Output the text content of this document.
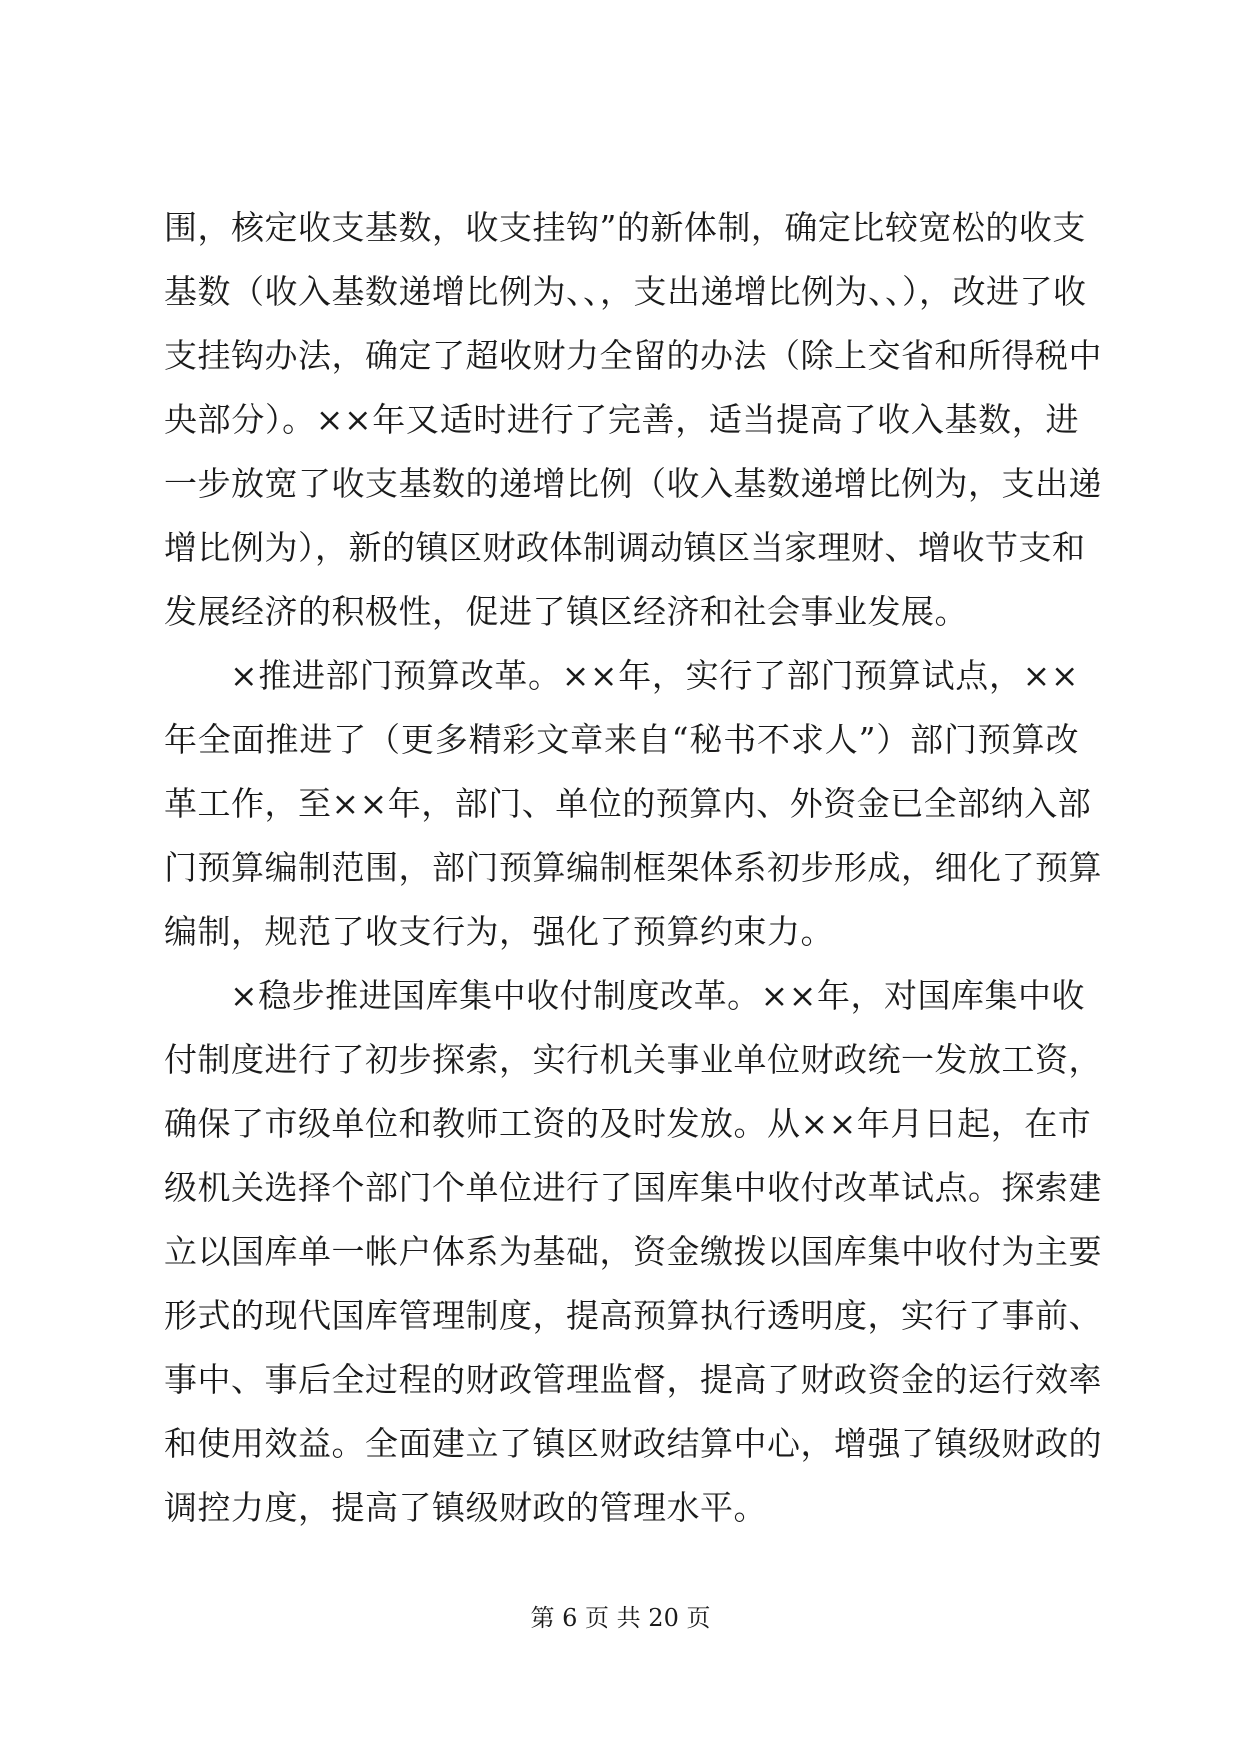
围，核定收支基数，收支挂钩”的新体制，确定比较宽松的收支
基数（收入基数递增比例为、、，支出递增比例为、、），改进了收
支挂钩办法，确定了超收财力全留的办法（除上交省和所得税中
央部分）。××年又适时进行了完善，适当提高了收入基数，进
一步放宽了收支基数的递增比例（收入基数递增比例为，支出递
增比例为），新的镇区财政体制调动镇区当家理财、增收节支和
发展经济的积极性，促进了镇区经济和社会事业发展。
×推进部门预算改革。××年，实行了部门预算试点，××
年全面推进了（更多精彩文章来自“秘书不求人”）部门预算改
革工作，至××年，部门、单位的预算内、外资金已全部纳入部
门预算编制范围，部门预算编制框架体系初步形成，细化了预算
编制，规范了收支行为，强化了预算约束力。
×稳步推进国库集中收付制度改革。××年，对国库集中收
付制度进行了初步探索，实行机关事业单位财政统一发放工资，
确保了市级单位和教师工资的及时发放。从××年月日起，在市
级机关选择个部门个单位进行了国库集中收付改革试点。探索建
立以国库单一帐户体系为基础，资金缴拨以国库集中收付为主要
形式的现代国库管理制度，提高预算执行透明度，实行了事前、
事中、事后全过程的财政管理监督，提高了财政资金的运行效率
和使用效益。全面建立了镇区财政结算中心，增强了镇级财政的
调控力度，提高了镇级财政的管理水平。
第 6 页 共 20 页
